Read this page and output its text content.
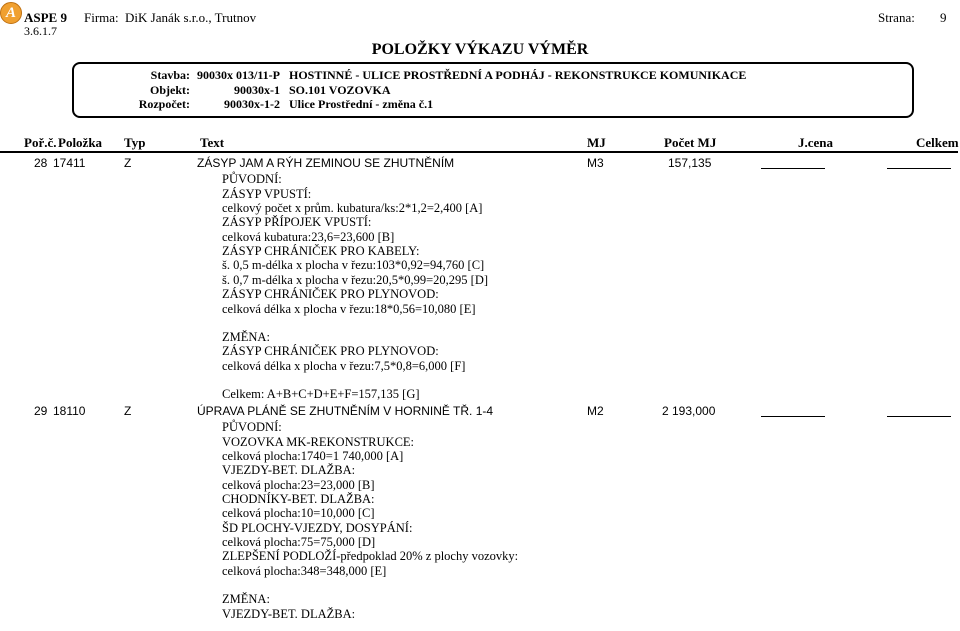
A ASPE 9
3.6.1.7
Firma: DiK Janák s.r.o., Trutnov	Strana: 9
POLOŽKY VÝKAZU VÝMĚR
Stavba: 90030x 013/11-P HOSTINNÉ - ULICE PROSTŘEDNÍ A PODHÁJ - REKONSTRUKCE KOMUNIKACE
Objekt:	90030x-1 SO.101 VOZOVKA
Rozpočet:	90030x-1-2 Ulice Prostřední - změna č.1
Poř.č. Položka Typ	Text	MJ	Počet MJ	J.cena	Celkem
28 17411	Z	ZÁSYP JAM A RÝH ZEMINOU SE ZHUTNĚNÍM	M3	157,135
PŮVODNÍ:
ZÁSYP VPUSTÍ:
celkový počet x prům. kubatura/ks:2*1,2=2,400 [A]
ZÁSYP PŘÍPOJEK VPUSTÍ:
celková kubatura:23,6=23,600 [B]
ZÁSYP CHRÁNIČEK PRO KABELY:
š. 0,5 m-délka x plocha v řezu:103*0,92=94,760 [C]
š. 0,7 m-délka x plocha v řezu:20,5*0,99=20,295 [D]
ZÁSYP CHRÁNIČEK PRO PLYNOVOD:
celková délka x plocha v řezu:18*0,56=10,080 [E]
ZMĚNA:
ZÁSYP CHRÁNIČEK PRO PLYNOVOD:
celková délka x plocha v řezu:7,5*0,8=6,000 [F]
Celkem: A+B+C+D+E+F=157,135 [G]
29 18110	Z	ÚPRAVA PLÁNĚ SE ZHUTNĚNÍM V HORNINĚ TŘ. 1-4	M2	2 193,000
PŮVODNÍ:
VOZOVKA MK-REKONSTRUKCE:
celková plocha:1740=1 740,000 [A]
VJEZDY-BET. DLAŽBA:
celková plocha:23=23,000 [B]
CHODNÍKY-BET. DLAŽBA:
celková plocha:10=10,000 [C]
ŠD PLOCHY-VJEZDY, DOSYPÁNÍ:
celková plocha:75=75,000 [D]
ZLEPŠENÍ PODLOŽÍ-předpoklad 20% z plochy vozovky:
celková plocha:348=348,000 [E]
ZMĚNA:
VJEZDY-BET. DLAŽBA:
